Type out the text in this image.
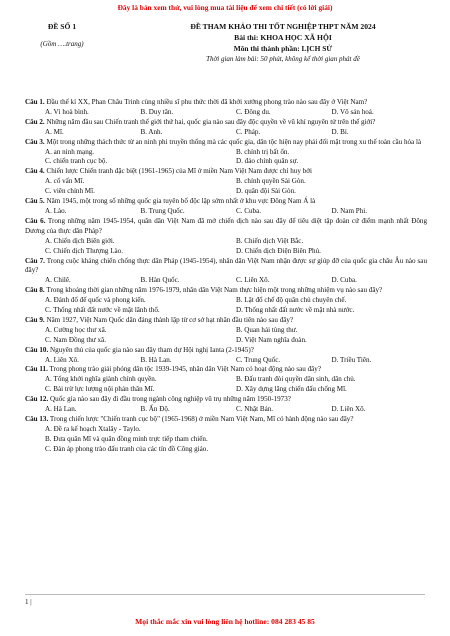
Đây là bản xem thử, vui lòng mua tài liệu để xem chi tiết (có lời giải)
ĐỀ SỐ 1
(Gồm ….trang)
ĐỀ THAM KHẢO THI TỐT NGHIỆP THPT NĂM 2024
Bài thi: KHOA HỌC XÃ HỘI
Môn thi thành phần: LỊCH SỬ
Thời gian làm bài: 50 phút, không kể thời gian phát đề
Câu 1. Đầu thế kỉ XX, Phan Châu Trinh cùng nhiều sĩ phu thức thời đã khởi xướng phong trào nào sau đây ở Việt Nam?
A. Vì hoà bình.	B. Duy tân.	C. Đông du.	D. Vô sản hoá.
Câu 2. Những năm đầu sau Chiến tranh thế giới thứ hai, quốc gia nào sau đây độc quyền về vũ khí nguyên tử trên thế giới?
A. Mĩ.	B. Anh.	C. Pháp.	D. Bỉ.
Câu 3. Một trong những thách thức từ an ninh phi truyền thống mà các quốc gia, dân tộc hiện nay phải đối mặt trong xu thế toàn cầu hóa là
A. an ninh mạng.	B. chính trị bất ổn.
C. chiến tranh cục bộ.	D. đảo chính quân sự.
Câu 4. Chiến lược Chiến tranh đặc biệt (1961-1965) của Mĩ ở miền Nam Việt Nam được chỉ huy bởi
A. cố vấn Mĩ.	B. chính quyền Sài Gòn.
C. viên chính Mĩ.	D. quân đội Sài Gòn.
Câu 5. Năm 1945, một trong số những quốc gia tuyên bố độc lập sớm nhất ở khu vực Đông Nam Á là
A. Lào.	B. Trung Quốc.	C. Cuba.	D. Nam Phi.
Câu 6. Trong những năm 1945-1954, quân dân Việt Nam đã mở chiến dịch nào sau đây để tiêu diệt tập đoàn cứ điểm mạnh nhất Đông Dương của thực dân Pháp?
A. Chiến dịch Biên giới.	B. Chiến dịch Việt Bắc.
C. Chiến dịch Thượng Lào.	D. Chiến dịch Điện Biên Phủ.
Câu 7. Trong cuộc kháng chiến chống thực dân Pháp (1945-1954), nhân dân Việt Nam nhận được sự giúp đỡ của quốc gia châu Âu nào sau đây?
A. Chilê.	B. Hàn Quốc.	C. Liên Xô.	D. Cuba.
Câu 8. Trong khoảng thời gian những năm 1976-1979, nhân dân Việt Nam thực hiện một trong những nhiệm vụ nào sau đây?
A. Đánh đổ đế quốc và phong kiến.	B. Lật đổ chế độ quân chủ chuyên chế.
C. Thống nhất đất nước về mặt lãnh thổ.	D. Thống nhất đất nước về mặt nhà nước.
Câu 9. Năm 1927, Việt Nam Quốc dân đảng thành lập từ cơ sở hạt nhân đầu tiên nào sau đây?
A. Cường học thư xã.	B. Quan hải tùng thư.
C. Nam Đồng thư xã.	D. Việt Nam nghĩa đoàn.
Câu 10. Nguyên thủ của quốc gia nào sau đây tham dự Hội nghị Ianta (2-1945)?
A. Liên Xô.	B. Hà Lan.	C. Trung Quốc.	D. Triều Tiên.
Câu 11. Trong phong trào giải phóng dân tộc 1939-1945, nhân dân Việt Nam có hoạt động nào sau đây?
A. Tổng khởi nghĩa giành chính quyền.	B. Đấu tranh đòi quyền dân sinh, dân chủ.
C. Bài trừ lực lượng nội phản thân Mĩ.	D. Xây dựng lăng chiến đấu chống Mĩ.
Câu 12. Quốc gia nào sau đây đi đầu trong ngành công nghiệp vũ trụ những năm 1950-1973?
A. Hà Lan.	B. Ấn Độ.	C. Nhật Bản.	D. Liên Xô.
Câu 13. Trong chiến lược "Chiến tranh cục bộ" (1965-1968) ở miền Nam Việt Nam, Mĩ có hành động nào sau đây?
A. Đề ra kế hoạch Xtalây - Taylo.
B. Đưa quân Mĩ và quân đồng minh trực tiếp tham chiến.
C. Đàn áp phong trào đấu tranh của các tín đồ Công giáo.
1 |
Mọi thắc mắc xin vui lòng liên hệ hotline: 084 283 45 85
